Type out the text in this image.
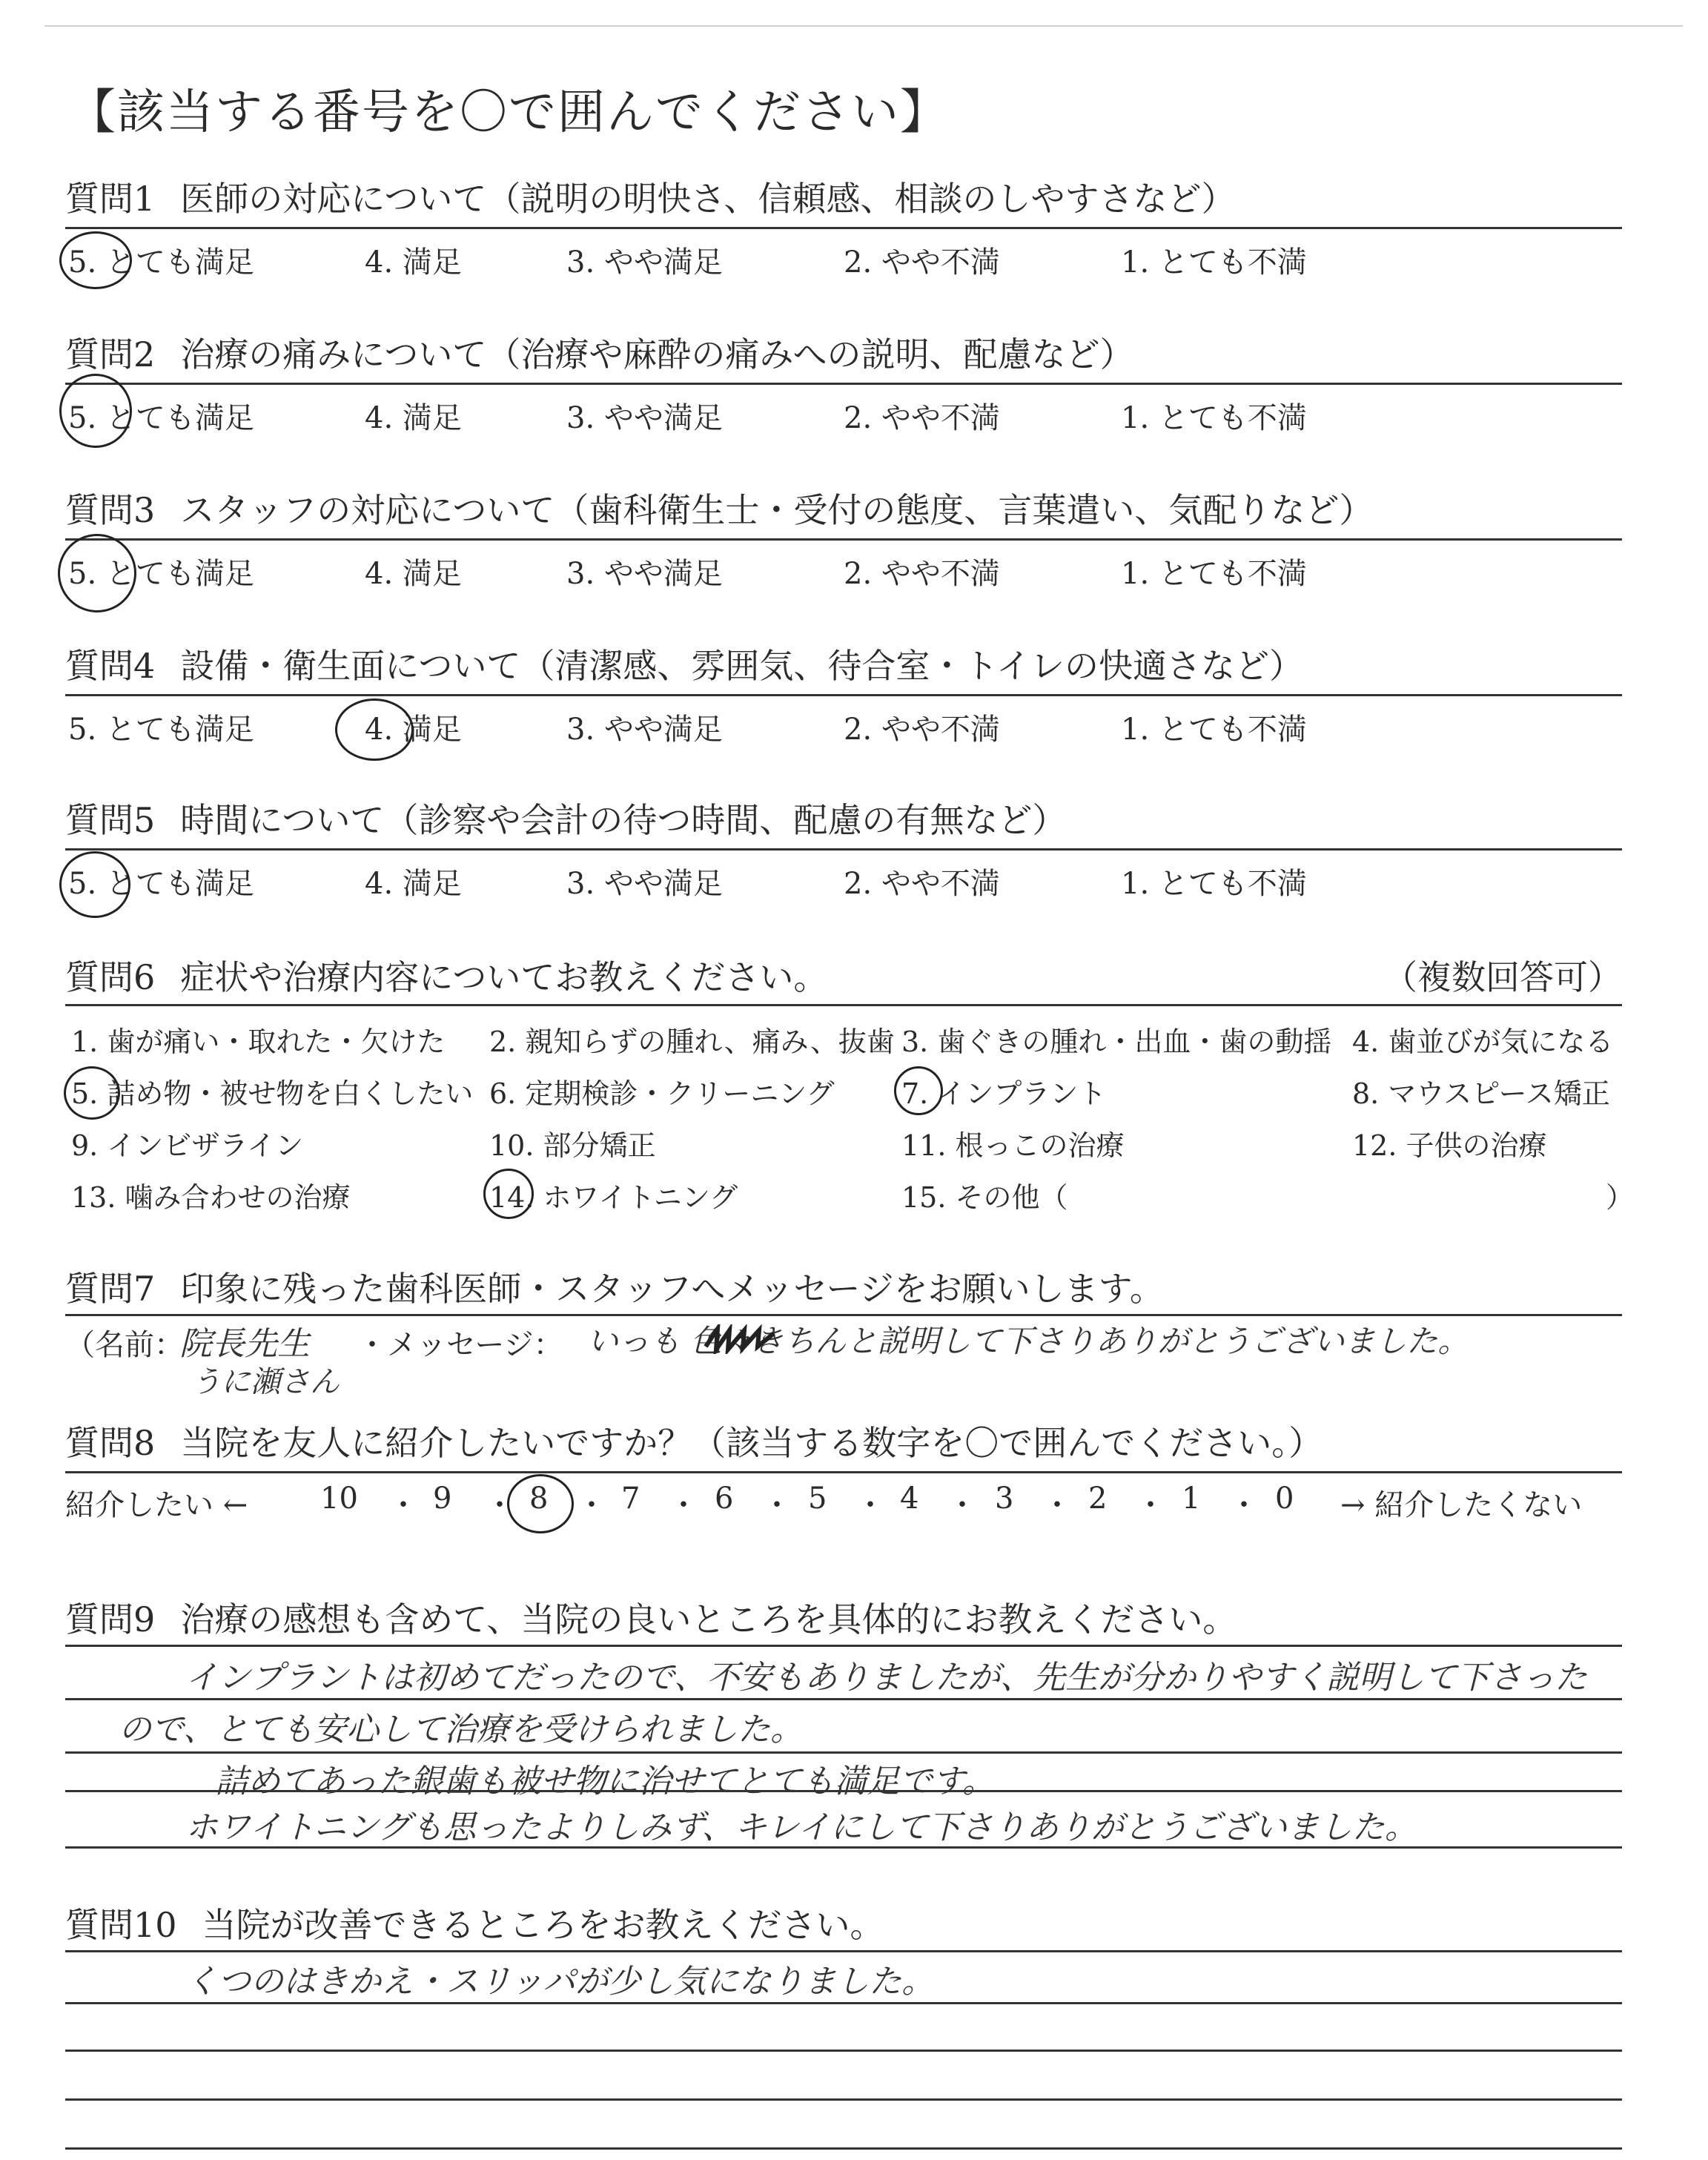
【該当する番号を〇で囲んでください】
質問1 医師の対応について（説明の明快さ、信頼感、相談のしやすさなど）
5. とても満足	4. 満足	3. やや満足	2. やや不満	1. とても不満
質問2 治療の痛みについて（治療や麻酔の痛みへの説明、配慮など）
5. とても満足	4. 満足	3. やや満足	2. やや不満	1. とても不満
質問3 スタッフの対応について（歯科衛生士・受付の態度、言葉遣い、気配りなど）
5. とても満足	4. 満足	3. やや満足	2. やや不満	1. とても不満
質問4 設備・衛生面について（清潔感、雰囲気、待合室・トイレの快適さなど）
5. とても満足	4. 満足	3. やや満足	2. やや不満	1. とても不満
質問5 時間について（診察や会計の待つ時間、配慮の有無など）
5. とても満足	4. 満足	3. やや満足	2. やや不満	1. とても不満
質問6 症状や治療内容についてお教えください。	（複数回答可）
1. 歯が痛い・取れた・欠けた 2. 親知らずの腫れ、痛み、抜歯 3. 歯ぐきの腫れ・出血・歯の動揺 4. 歯並びが気になる
5. 詰め物・被せ物を白くしたい 6. 定期検診・クリーニング 7. インプラント	8. マウスピース矯正
9. インビザライン	10. 部分矯正	11. 根っこの治療	12. 子供の治療
13. 噛み合わせの治療	14. ホワイトニング	15. その他（	）
質問7 印象に残った歯科医師・スタッフへメッセージをお願いします。
（名前：
院長先生
うに瀬さん
・メッセージ： いっも 色々きちんと説明して下さりありがとうございました。
質問8 当院を友人に紹介したいですか？（該当する数字を〇で囲んでください。）
紹介したい ← 10 ・ 9 ・ 8 ・ 7 ・ 6 ・ 5 ・ 4 ・ 3 ・ 2 ・ 1 ・ 0 → 紹介したくない
質問9 治療の感想も含めて、当院の良いところを具体的にお教えください。
インプラントは初めてだったので、不安もありましたが、先生が分かりやすく説明して下さった
ので、とても安心して治療を受けられました。
詰めてあった銀歯も被せ物に治せてとても満足です。
ホワイトニングも思ったよりしみず、キレイにして下さりありがとうございました。
質問10 当院が改善できるところをお教えください。
くつのはきかえ・スリッパが少し気になりました。
